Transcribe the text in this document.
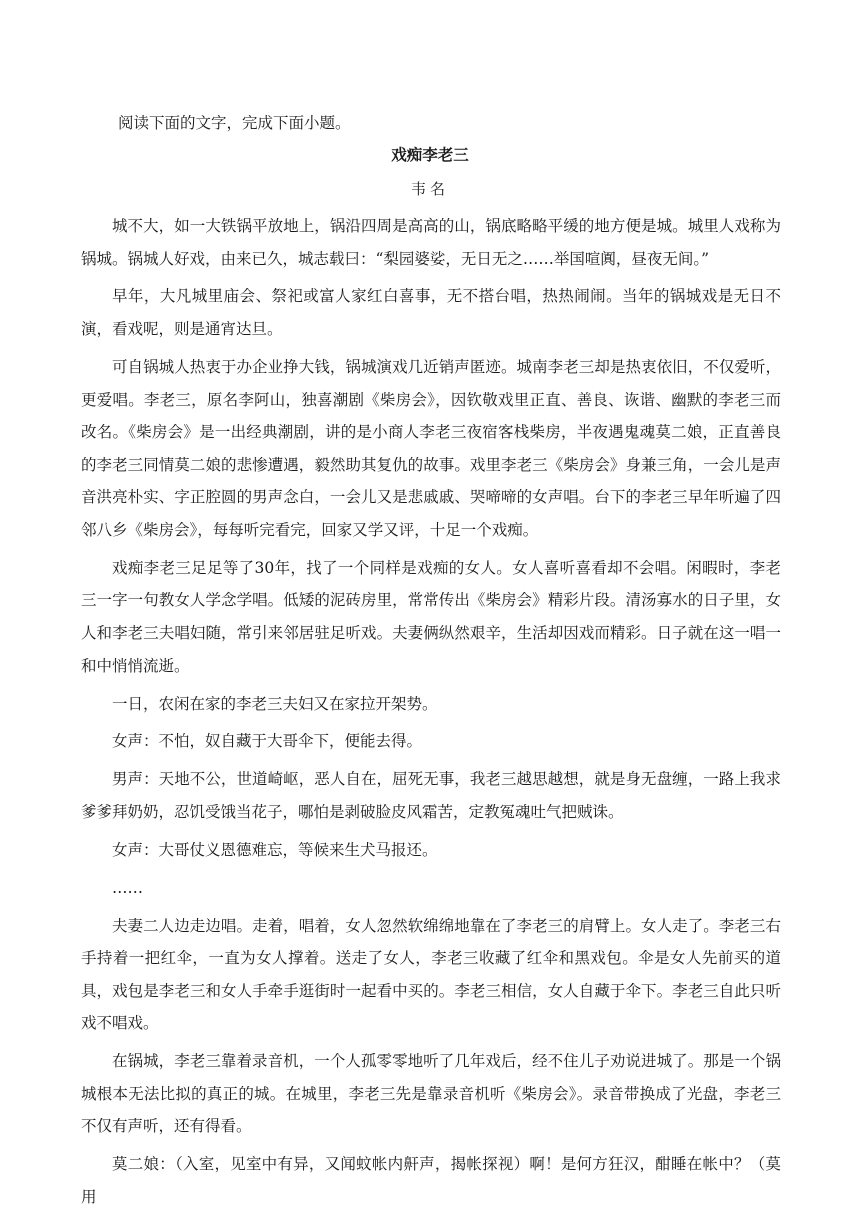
阅读下面的文字，完成下面小题。
戏痴李老三
韦名

城不大，如一大铁锅平放地上，锅沿四周是高高的山，锅底略略平缓的地方便是城。城里人戏称为锅城。锅城人好戏，由来已久，城志载曰：“梨园婆娑，无日无之……举国喧阗，昼夜无间。”

早年，大凡城里庙会、祭祀或富人家红白喜事，无不搭台唱，热热闹闹。当年的锅城戏是无日不演，看戏呢，则是通宵达旦。

可自锅城人热衷于办企业挣大钱，锅城演戏几近销声匿迹。城南李老三却是热衷依旧，不仅爱听，更爱唱。李老三，原名李阿山，独喜潮剧《柴房会》，因钦敬戏里正直、善良、诙谐、幽默的李老三而改名。《柴房会》是一出经典潮剧，讲的是小商人李老三夜宿客栈柴房，半夜遇鬼魂莫二娘，正直善良的李老三同情莫二娘的悲惨遭遇，毅然助其复仇的故事。戏里李老三《柴房会》身兼三角，一会儿是声音洪亮朴实、字正腔圆的男声念白，一会儿又是悲戚戚、哭啼啼的女声唱。台下的李老三早年听遍了四邻八乡《柴房会》，每每听完看完，回家又学又评，十足一个戏痴。

戏痴李老三足足等了30年，找了一个同样是戏痴的女人。女人喜听喜看却不会唱。闲暇时，李老三一字一句教女人学念学唱。低矮的泥砖房里，常常传出《柴房会》精彩片段。清汤寡水的日子里，女人和李老三夫唱妇随，常引来邻居驻足听戏。夫妻俩纵然艰辛，生活却因戏而精彩。日子就在这一唱一和中悄悄流逝。

一日，农闲在家的李老三夫妇又在家拉开架势。

女声：不怕，奴自藏于大哥伞下，便能去得。

男声：天地不公，世道崎岖，恶人自在，屈死无事，我老三越思越想，就是身无盘缠，一路上我求爹爹拜奶奶，忍饥受饿当花子，哪怕是剥破脸皮风霜苦，定教冤魂吐气把贼诛。

女声：大哥仗义恩德难忘，等候来生犬马报还。

……

夫妻二人边走边唱。走着，唱着，女人忽然软绵绵地靠在了李老三的肩臂上。女人走了。李老三右手持着一把红伞，一直为女人撑着。送走了女人，李老三收藏了红伞和黑戏包。伞是女人先前买的道具，戏包是李老三和女人手牵手逛街时一起看中买的。李老三相信，女人自藏于伞下。李老三自此只听戏不唱戏。

在锅城，李老三靠着录音机，一个人孤零零地听了几年戏后，经不住儿子劝说进城了。那是一个锅城根本无法比拟的真正的城。在城里，李老三先是靠录音机听《柴房会》。录音带换成了光盘，李老三不仅有声听，还有得看。

莫二娘：（入室，见室中有异，又闻蚊帐内鼾声，揭帐探视）啊！是何方狂汉，酣睡在帐中？（莫用
